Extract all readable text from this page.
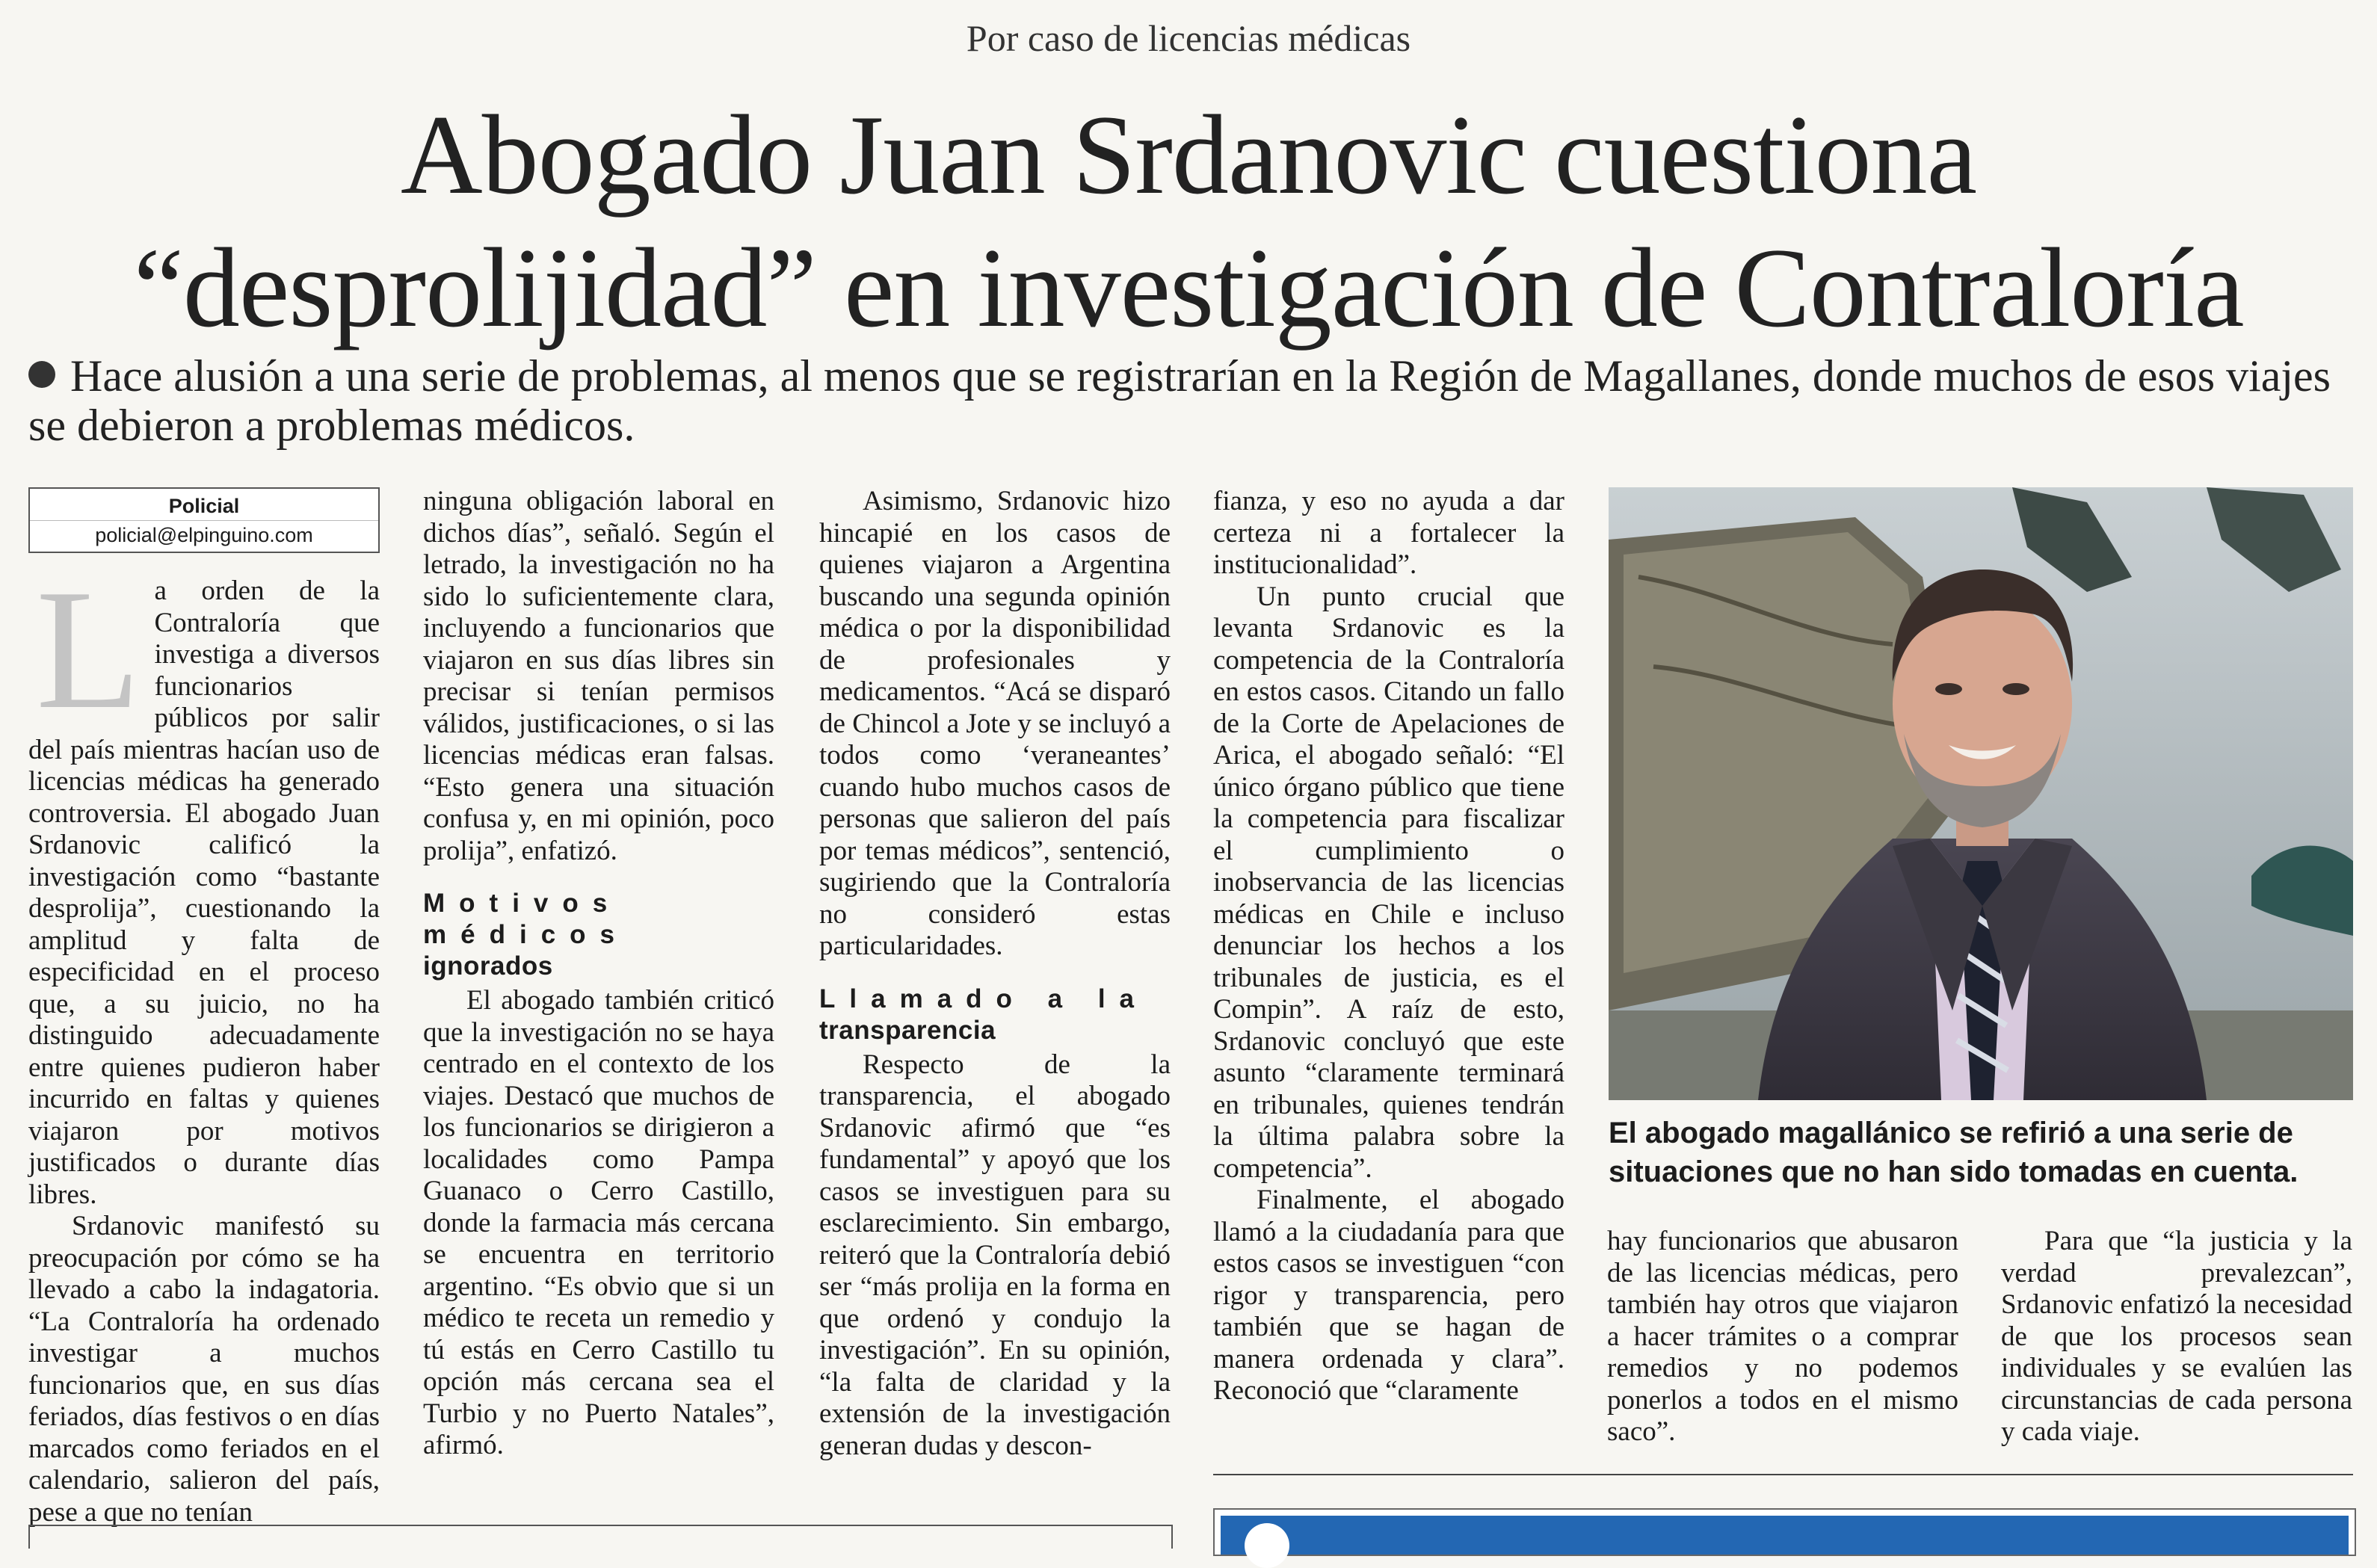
Por caso de licencias médicas
Abogado Juan Srdanovic cuestiona
“desprolijidad” en investigación de Contraloría
Hace alusión a una serie de problemas, al menos que se registrarían en la Región de Magallanes, donde muchos de esos viajes se debieron a problemas médicos.
Policial
policial@elpinguino.com
L a orden de la Contraloría que investiga a diversos funcionarios públicos por salir del país mientras hacían uso de licencias médicas ha generado controversia. El abogado Juan Srdanovic calificó la investigación como “bastante desprolija”, cuestionando la amplitud y falta de especificidad en el proceso que, a su juicio, no ha distinguido adecuadamente entre quienes pudieron haber incurrido en faltas y quienes viajaron por motivos justificados o durante días libres.

Srdanovic manifestó su preocupación por cómo se ha llevado a cabo la indagatoria. “La Contraloría ha ordenado investigar a muchos funcionarios que, en sus días feriados, días festivos o en días marcados como feriados en el calendario, salieron del país, pese a que no tenían

ninguna obligación laboral en dichos días”, señaló. Según el letrado, la investigación no ha sido lo suficientemente clara, incluyendo a funcionarios que viajaron en sus días libres sin precisar si tenían permisos válidos, justificaciones, o si las licencias médicas eran falsas. “Esto genera una situación confusa y, en mi opinión, poco prolija”, enfatizó.

Motivos médicos
ignorados

El abogado también criticó que la investigación no se haya centrado en el contexto de los viajes. Destacó que muchos de los funcionarios se dirigieron a localidades como Pampa Guanaco o Cerro Castillo, donde la farmacia más cercana se encuentra en territorio argentino. “Es obvio que si un médico te receta un remedio y tú estás en Cerro Castillo tu opción más cercana sea el Turbio y no Puerto Natales”, afirmó.

Asimismo, Srdanovic hizo hincapié en los casos de quienes viajaron a Argentina buscando una segunda opinión médica o por la disponibilidad de profesionales y medicamentos. “Acá se disparó de Chincol a Jote y se incluyó a todos como ‘veraneantes’ cuando hubo muchos casos de personas que salieron del país por temas médicos”, sentenció, sugiriendo que la Contraloría no consideró estas particularidades.

Llamado a la
transparencia

Respecto de la transparencia, el abogado Srdanovic afirmó que “es fundamental” y apoyó que los casos se investiguen para su esclarecimiento. Sin embargo, reiteró que la Contraloría debió ser “más prolija en la forma en que ordenó y condujo la investigación”. En su opinión, “la falta de claridad y la extensión de la investigación generan dudas y descon-

fianza, y eso no ayuda a dar certeza ni a fortalecer la institucionalidad”.

Un punto crucial que levanta Srdanovic es la competencia de la Contraloría en estos casos. Citando un fallo de la Corte de Apelaciones de Arica, el abogado señaló: “El único órgano público que tiene la competencia para fiscalizar el cumplimiento o inobservancia de las licencias médicas en Chile e incluso denunciar los hechos a los tribunales de justicia, es el Compin”. A raíz de esto, Srdanovic concluyó que este asunto “claramente terminará en tribunales, quienes tendrán la última palabra sobre la competencia”.

Finalmente, el abogado llamó a la ciudadanía para que estos casos se investiguen “con rigor y transparencia, pero también que se hagan de manera ordenada y clara”. Reconoció que “claramente

El abogado magallánico se refirió a una serie de situaciones que no han sido tomadas en cuenta.

hay funcionarios que abusaron de las licencias médicas, pero también hay otros que viajaron a hacer trámites o a comprar remedios y no podemos ponerlos a todos en el mismo saco”.

Para que “la justicia y la verdad prevalezcan”, Srdanovic enfatizó la necesidad de que los procesos sean individuales y se evalúen las circunstancias de cada persona y cada viaje.
